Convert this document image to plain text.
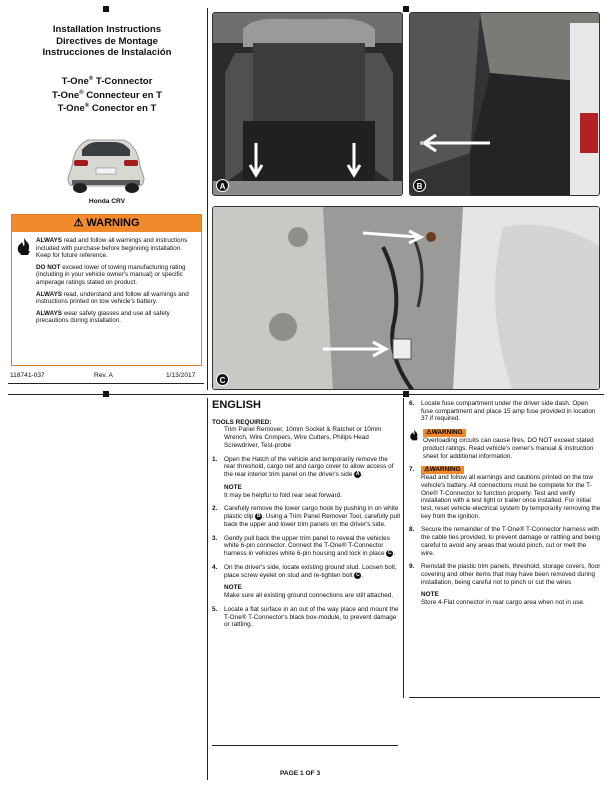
Installation Instructions
Directives de Montage
Instrucciones de Instalación
T-One® T-Connector
T-One® Connecteur en T
T-One® Conector en T
Honda CRV
⚠ WARNING

ALWAYS read and follow all warnings and instructions included with purchase before beginning installation. Keep for future reference.

DO NOT exceed lower of towing manufacturing rating (including in your vehicle owner's manual) or specific amperage ratings stated on product.

ALWAYS read, understand and follow all warnings and instructions printed on tow vehicle's battery.

ALWAYS wear safety glasses and use all safety precautions during installation.

118741-037	Rev. A	1/13/2017
A	B
C
ENGLISH
TOOLS REQUIRED:
Trim Panel Remover, 10mm Socket & Ratchet or 10mm Wrench, Wire Crimpers, Wire Cutters, Philips Head Screwdriver, Test-probe
1. Open the Hatch of the vehicle and temporarily remove the rear threshold, cargo net and cargo cover to allow access of the rear interior trim panel on the driver's side A .
NOTE
It may be helpful to fold rear seat forward.
2. Carefully remove the lower cargo hook by pushing in on white plastic clip B . Using a Trim Panel Remover Tool, carefully pull back the upper and lower trim panels on the driver's side.
3. Gently pull back the upper trim panel to reveal the vehicles white 6-pin connector. Connect the T-One® T-Connector harness in vehicles white 6-pin housing and lock in place C .
4. On the driver's side, locate existing ground stud. Loosen bolt, place screw eyelet on stud and re-tighten bolt C .
NOTE
Make sure all existing ground connections are still attached.
5. Locate a flat surface in an out of the way place and mount the T-One® T-Connector's black box-module, to prevent damage or rattling.
6. Locate fuse compartment under the driver side dash. Open fuse compartment and place 15 amp fuse provided in location 37 if required.
⚠WARNING
Overloading circuits can cause fires. DO NOT exceed stated product ratings. Read vehicle's owner's manual & instruction sheet for additional information.
7. ⚠WARNING
Read and follow all warnings and cautions printed on the tow vehicle's battery. All connections must be complete for the T-One® T-Connector to function properly. Test and verify installation with a test light or trailer once installed. For initial test, reset vehicle electrical system by temporarily removing the key from the ignition.
8. Secure the remainder of the T-One® T-Connector harness with the cable ties provided, to prevent damage or rattling and being careful to avoid any areas that would pinch, cut or melt the wire.
9. Reinstall the plastic trim panels, threshold, storage covers, floor covering and other items that may have been removed during installation, being careful not to pinch or cut the wires
NOTE
Store 4-Flat connector in rear cargo area when not in use.
PAGE 1 OF 3
